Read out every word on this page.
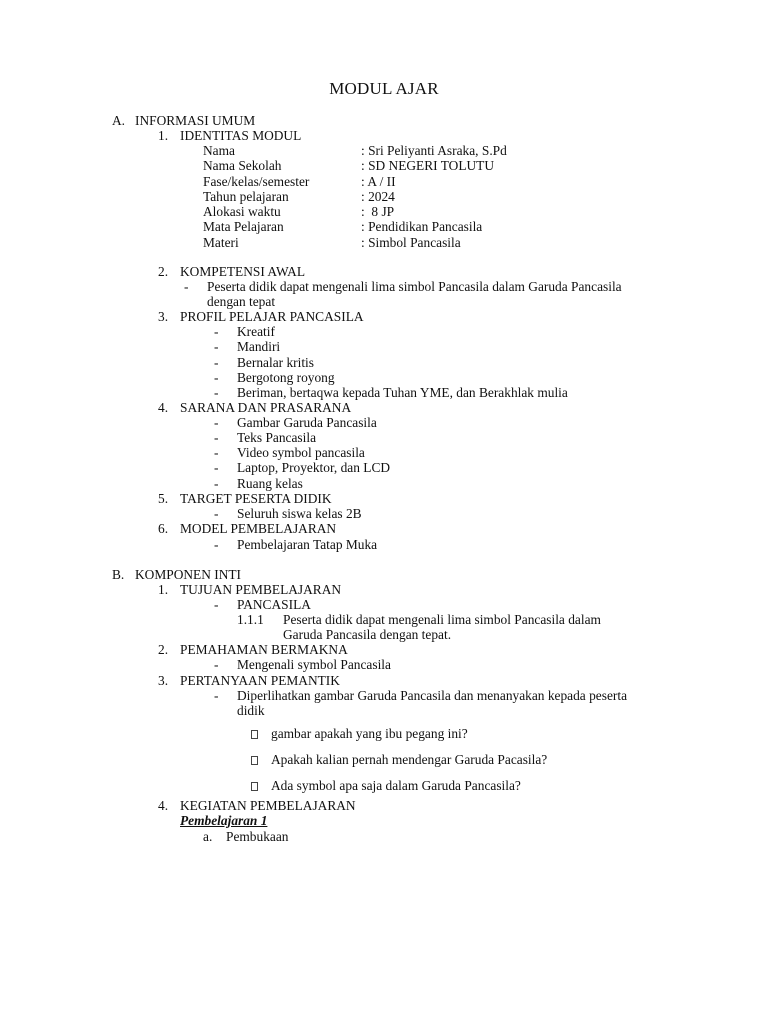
MODUL AJAR
A. INFORMASI UMUM
1. IDENTITAS MODUL
Nama	: Sri Peliyanti Asraka, S.Pd
Nama Sekolah	: SD NEGERI TOLUTU
Fase/kelas/semester	: A / II
Tahun pelajaran	: 2024
Alokasi waktu	:  8 JP
Mata Pelajaran	: Pendidikan Pancasila
Materi	: Simbol Pancasila
2. KOMPETENSI AWAL
- Peserta didik dapat mengenali lima simbol Pancasila dalam Garuda Pancasila
dengan tepat
3. PROFIL PELAJAR PANCASILA
- Kreatif
- Mandiri
- Bernalar kritis
- Bergotong royong
- Beriman, bertaqwa kepada Tuhan YME, dan Berakhlak mulia
4. SARANA DAN PRASARANA
- Gambar Garuda Pancasila
- Teks Pancasila
- Video symbol pancasila
- Laptop, Proyektor, dan LCD
- Ruang kelas
5. TARGET PESERTA DIDIK
- Seluruh siswa kelas 2B
6. MODEL PEMBELAJARAN
- Pembelajaran Tatap Muka
B. KOMPONEN INTI
1. TUJUAN PEMBELAJARAN
- PANCASILA
1.1.1 Peserta didik dapat mengenali lima simbol Pancasila dalam
Garuda Pancasila dengan tepat.
2. PEMAHAMAN BERMAKNA
- Mengenali symbol Pancasila
3. PERTANYAAN PEMANTIK
- Diperlihatkan gambar Garuda Pancasila dan menanyakan kepada peserta
didik
gambar apakah yang ibu pegang ini?
Apakah kalian pernah mendengar Garuda Pacasila?
Ada symbol apa saja dalam Garuda Pancasila?
4. KEGIATAN PEMBELAJARAN
Pembelajaran 1
a. Pembukaan
